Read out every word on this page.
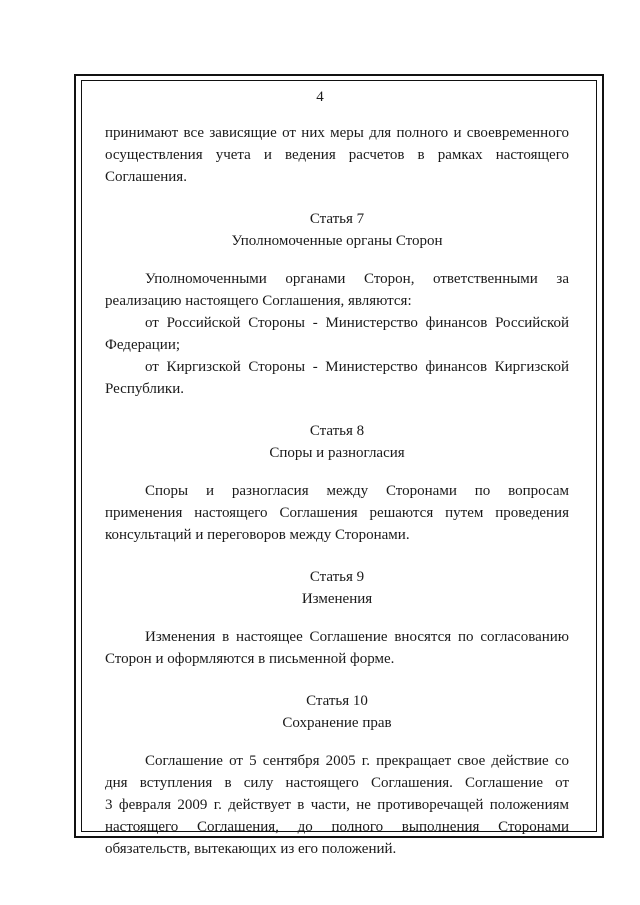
4

принимают все зависящие от них меры для полного и своевременного

осуществления учета и ведения расчетов в рамках настоящего

Соглашения.

Статья 7

Уполномоченные органы Сторон

Уполномоченными органами Сторон, ответственными за

реализацию настоящего Соглашения, являются:

от Российской Стороны - Министерство финансов Российской

Федерации;

от Киргизской Стороны - Министерство финансов Киргизской

Республики.

Статья 8

Споры и разногласия

Споры и разногласия между Сторонами по вопросам

применения настоящего Соглашения решаются путем проведения

консультаций и переговоров между Сторонами.

Статья 9

Изменения

Изменения в настоящее Соглашение вносятся по согласованию

Сторон и оформляются в письменной форме.

Статья 10

Сохранение прав

Соглашение от 5 сентября 2005 г. прекращает свое действие со

дня вступления в силу настоящего Соглашения. Соглашение от

3 февраля 2009 г. действует в части, не противоречащей положениям

настоящего Соглашения, до полного выполнения Сторонами

обязательств, вытекающих из его положений.
